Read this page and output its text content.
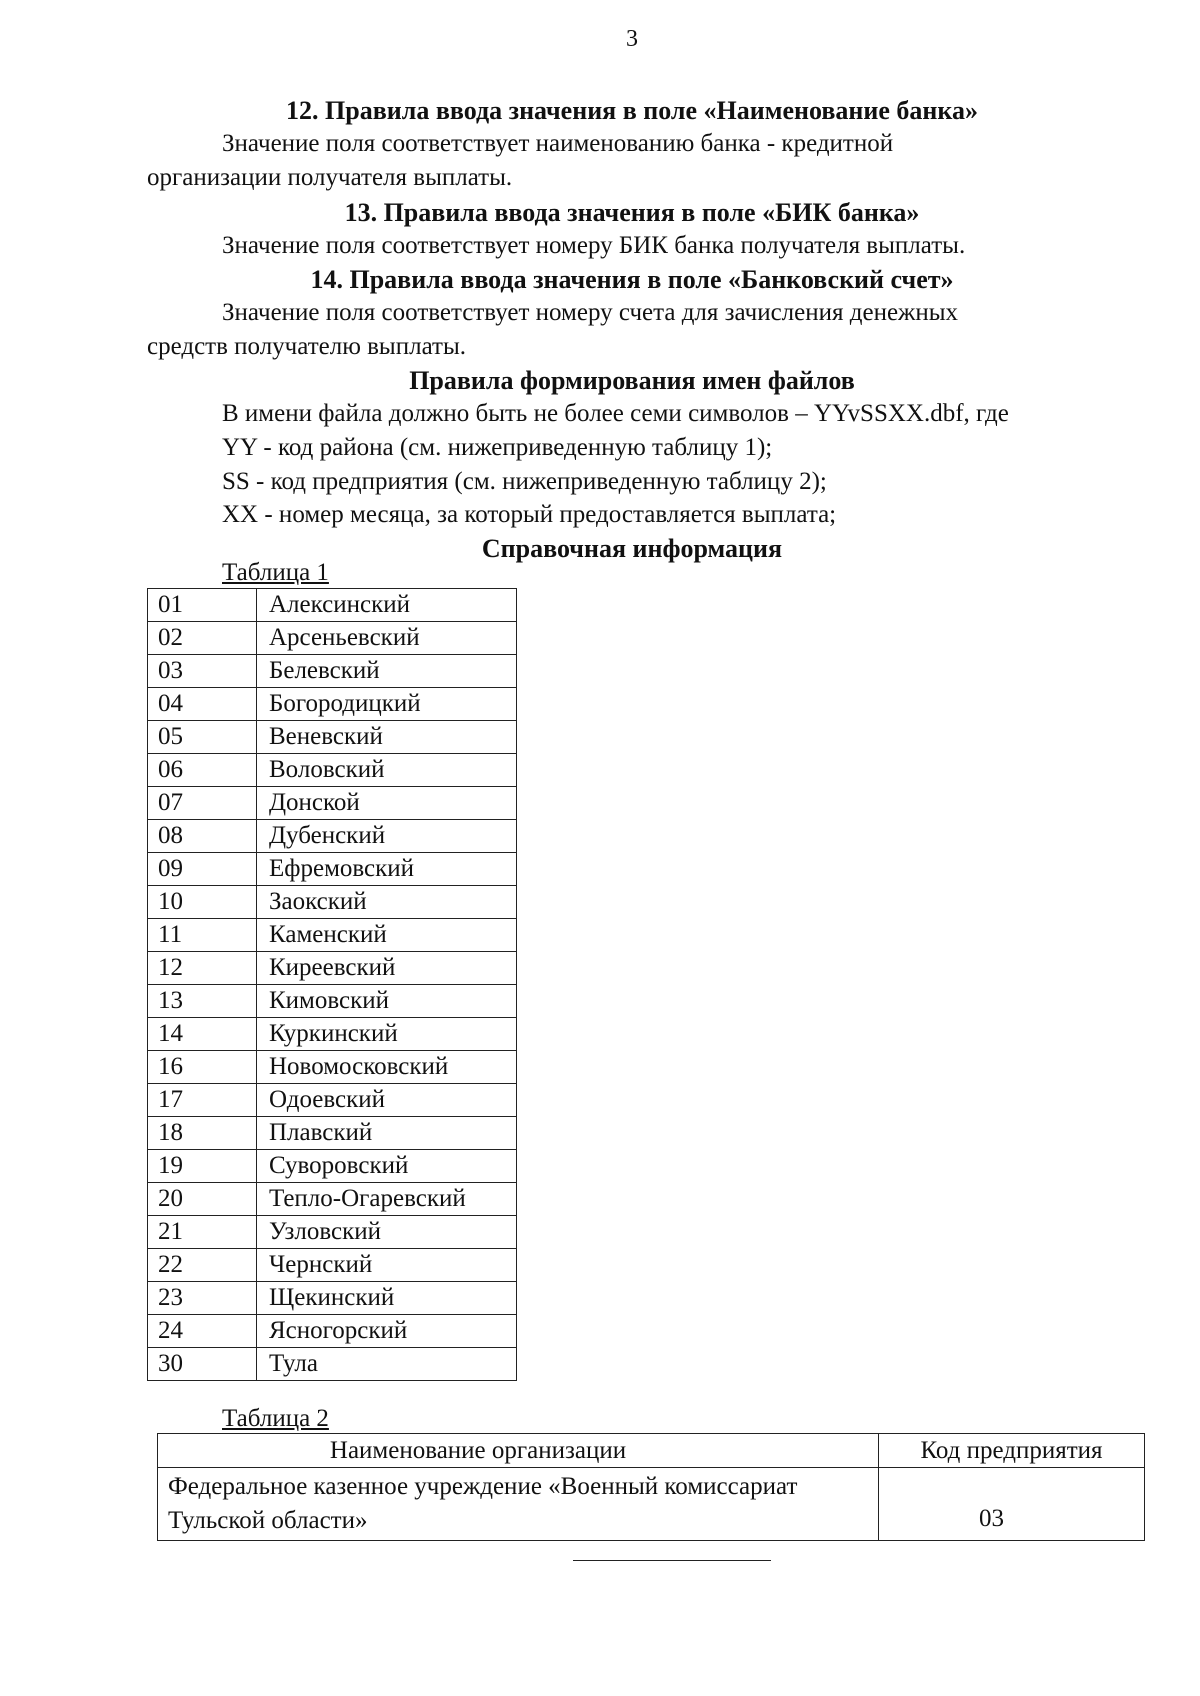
3
12. Правила ввода значения в поле «Наименование банка»
Значение поля соответствует наименованию банка - кредитной
организации получателя выплаты.
13. Правила ввода значения в поле «БИК банка»
Значение поля соответствует номеру БИК банка получателя выплаты.
14. Правила ввода значения в поле «Банковский счет»
Значение поля соответствует номеру счета для зачисления денежных
средств получателю выплаты.
Правила формирования имен файлов
В имени файла должно быть не более семи символов – YYvSSXX.dbf, где
YY - код района (см. нижеприведенную таблицу 1);
SS - код предприятия (см. нижеприведенную таблицу 2);
XX - номер месяца, за который предоставляется выплата;
Справочная информация
Таблица 1
01	Алексинский
02	Арсеньевский
03	Белевский
04	Богородицкий
05	Веневский
06	Воловский
07	Донской
08	Дубенский
09	Ефремовский
10	Заокский
11	Каменский
12	Киреевский
13	Кимовский
14	Куркинский
16	Новомосковский
17	Одоевский
18	Плавский
19	Суворовский
20	Тепло-Огаревский
21	Узловский
22	Чернский
23	Щекинский
24	Ясногорский
30	Тула
Таблица 2
Наименование организации	Код предприятия
Федеральное казенное учреждение «Военный комиссариат Тульской области»	03
